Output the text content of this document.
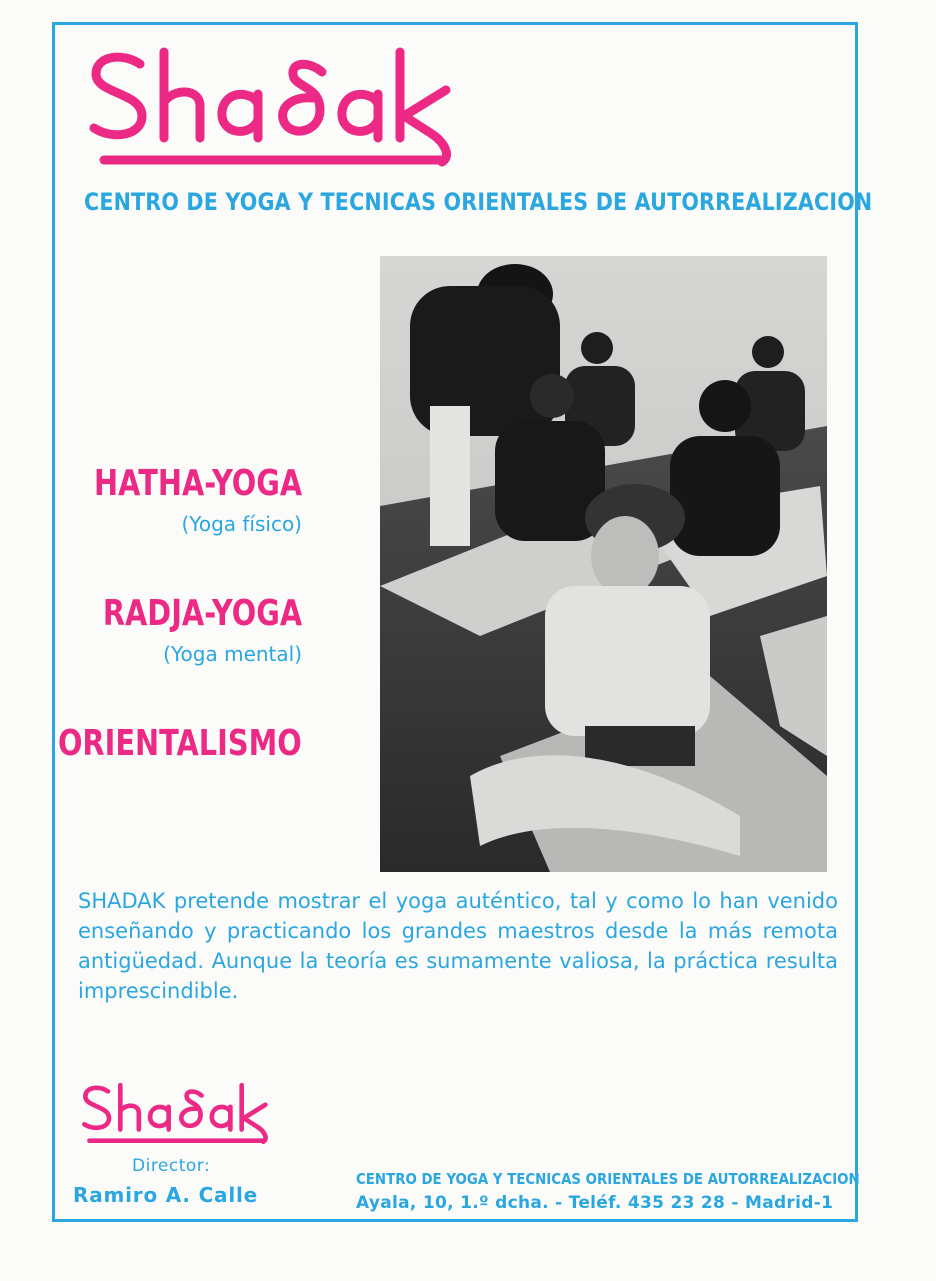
CENTRO DE YOGA Y TECNICAS ORIENTALES DE AUTORREALIZACION
HATHA-YOGA
(Yoga físico)
RADJA-YOGA
(Yoga mental)
ORIENTALISMO
SHADAK pretende mostrar el yoga auténtico, tal y como lo han venido enseñando y practicando los grandes maestros desde la más remota antigüedad. Aunque la teoría es sumamente valiosa, la práctica resulta imprescindible.
Director:
Ramiro A. Calle
CENTRO DE YOGA Y TECNICAS ORIENTALES DE AUTORREALIZACION
Ayala, 10, 1.º dcha. - Teléf. 435 23 28 - Madrid-1
